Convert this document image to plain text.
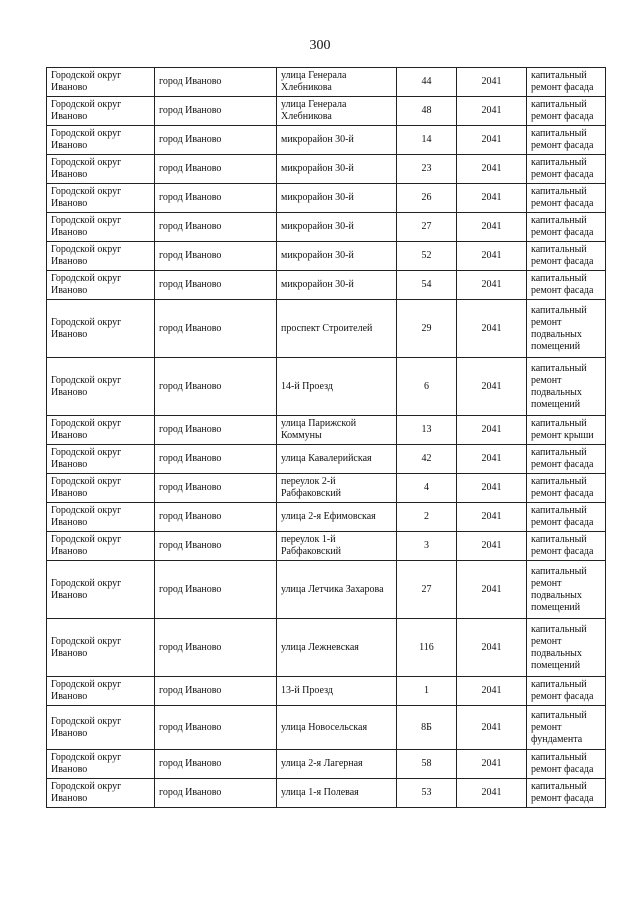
300
Городской округ Иваново	город Иваново	улица Генерала Хлебникова	44	2041	капитальный ремонт фасада
Городской округ Иваново	город Иваново	улица Генерала Хлебникова	48	2041	капитальный ремонт фасада
Городской округ Иваново	город Иваново	микрорайон 30-й	14	2041	капитальный ремонт фасада
Городской округ Иваново	город Иваново	микрорайон 30-й	23	2041	капитальный ремонт фасада
Городской округ Иваново	город Иваново	микрорайон 30-й	26	2041	капитальный ремонт фасада
Городской округ Иваново	город Иваново	микрорайон 30-й	27	2041	капитальный ремонт фасада
Городской округ Иваново	город Иваново	микрорайон 30-й	52	2041	капитальный ремонт фасада
Городской округ Иваново	город Иваново	микрорайон 30-й	54	2041	капитальный ремонт фасада
Городской округ Иваново	город Иваново	проспект Строителей	29	2041	капитальный ремонт подвальных помещений
Городской округ Иваново	город Иваново	14-й Проезд	6	2041	капитальный ремонт подвальных помещений
Городской округ Иваново	город Иваново	улица Парижской Коммуны	13	2041	капитальный ремонт крыши
Городской округ Иваново	город Иваново	улица Кавалерийская	42	2041	капитальный ремонт фасада
Городской округ Иваново	город Иваново	переулок 2-й Рабфаковский	4	2041	капитальный ремонт фасада
Городской округ Иваново	город Иваново	улица 2-я Ефимовская	2	2041	капитальный ремонт фасада
Городской округ Иваново	город Иваново	переулок 1-й Рабфаковский	3	2041	капитальный ремонт фасада
Городской округ Иваново	город Иваново	улица Летчика Захарова	27	2041	капитальный ремонт подвальных помещений
Городской округ Иваново	город Иваново	улица Лежневская	116	2041	капитальный ремонт подвальных помещений
Городской округ Иваново	город Иваново	13-й Проезд	1	2041	капитальный ремонт фасада
Городской округ Иваново	город Иваново	улица Новосельская	8Б	2041	капитальный ремонт фундамента
Городской округ Иваново	город Иваново	улица 2-я Лагерная	58	2041	капитальный ремонт фасада
Городской округ Иваново	город Иваново	улица 1-я Полевая	53	2041	капитальный ремонт фасада
